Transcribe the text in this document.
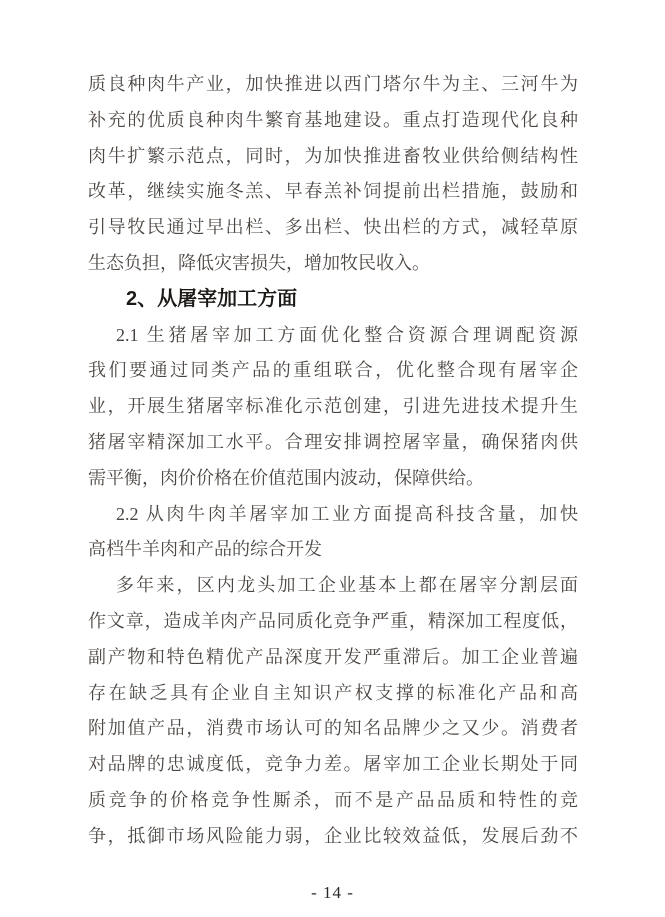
质良种肉牛产业，加快推进以西门塔尔牛为主、三河牛为
补充的优质良种肉牛繁育基地建设。重点打造现代化良种
肉牛扩繁示范点，同时，为加快推进畜牧业供给侧结构性
改革，继续实施冬羔、早春羔补饲提前出栏措施，鼓励和
引导牧民通过早出栏、多出栏、快出栏的方式，减轻草原
生态负担，降低灾害损失，增加牧民收入。
2、从屠宰加工方面
2.1 生猪屠宰加工方面优化整合资源合理调配资源
我们要通过同类产品的重组联合，优化整合现有屠宰企
业，开展生猪屠宰标准化示范创建，引进先进技术提升生
猪屠宰精深加工水平。合理安排调控屠宰量，确保猪肉供
需平衡，肉价价格在价值范围内波动，保障供给。
2.2 从肉牛肉羊屠宰加工业方面提高科技含量，加快
高档牛羊肉和产品的综合开发
多年来，区内龙头加工企业基本上都在屠宰分割层面
作文章，造成羊肉产品同质化竞争严重，精深加工程度低，
副产物和特色精优产品深度开发严重滞后。加工企业普遍
存在缺乏具有企业自主知识产权支撑的标准化产品和高
附加值产品，消费市场认可的知名品牌少之又少。消费者
对品牌的忠诚度低，竞争力差。屠宰加工企业长期处于同
质竞争的价格竞争性厮杀，而不是产品品质和特性的竞
争，抵御市场风险能力弱，企业比较效益低，发展后劲不
- 14 -
